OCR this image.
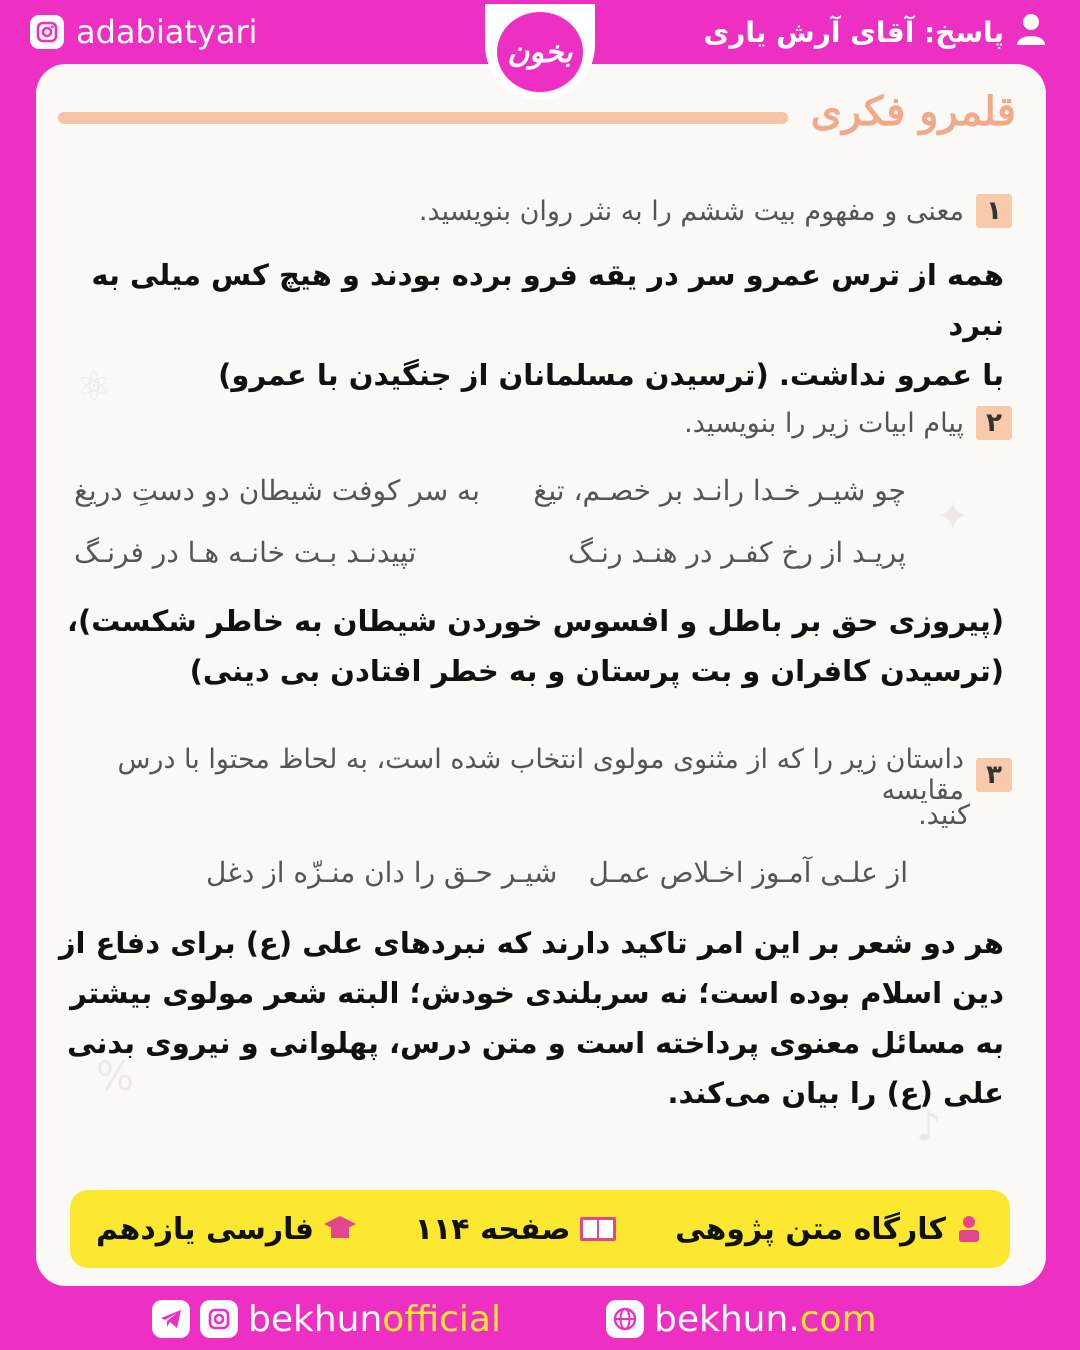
adabiatyari	پاسخ: آقای آرش یاری
بخون
⚛
✦
%
♪
قلمرو فکری
۱
معنی و مفهوم بیت ششم را به نثر روان بنویسید.
همه از ترس عمرو سر در یقه فرو برده بودند و هیچ کس میلی به نبرد
با عمرو نداشت. (ترسیدن مسلمانان از جنگیدن با عمرو)
۲
پیام ابیات زیر را بنویسید.
چو شیـر خـدا رانـد بر خصـم، تیغ
به سر کوفت شیطان دو دستِ دریغ
پریـد از رخ کفـر در هنـد رنـگ
تپیدنـد بـت خانـه هـا در فرنـگ
(پیروزی حق بر باطل و افسوس خوردن شیطان به خاطر شکست)،
(ترسیدن کافران و بت پرستان و به خطر افتادن بی دینی)
۳
داستان زیر را که از مثنوی مولوی انتخاب شده است، به لحاظ محتوا با درس مقایسه
کنید.
از علـی آمـوز اخـلاص عمـل
شیـر حـق را دان منـزّه از دغل
هر دو شعر بر این امر تاکید دارند که نبردهای علی (ع) برای دفاع از
دین اسلام بوده است؛ نه سربلندی خودش؛ البته شعر مولوی بیشتر
به مسائل معنوی پرداخته است و متن درس، پهلوانی و نیروی بدنی
علی (ع) را بیان می‌کند.
کارگاه متن پژوهی
صفحه ۱۱۴
فارسی یازدهم
bekhunofficial	bekhun.com
